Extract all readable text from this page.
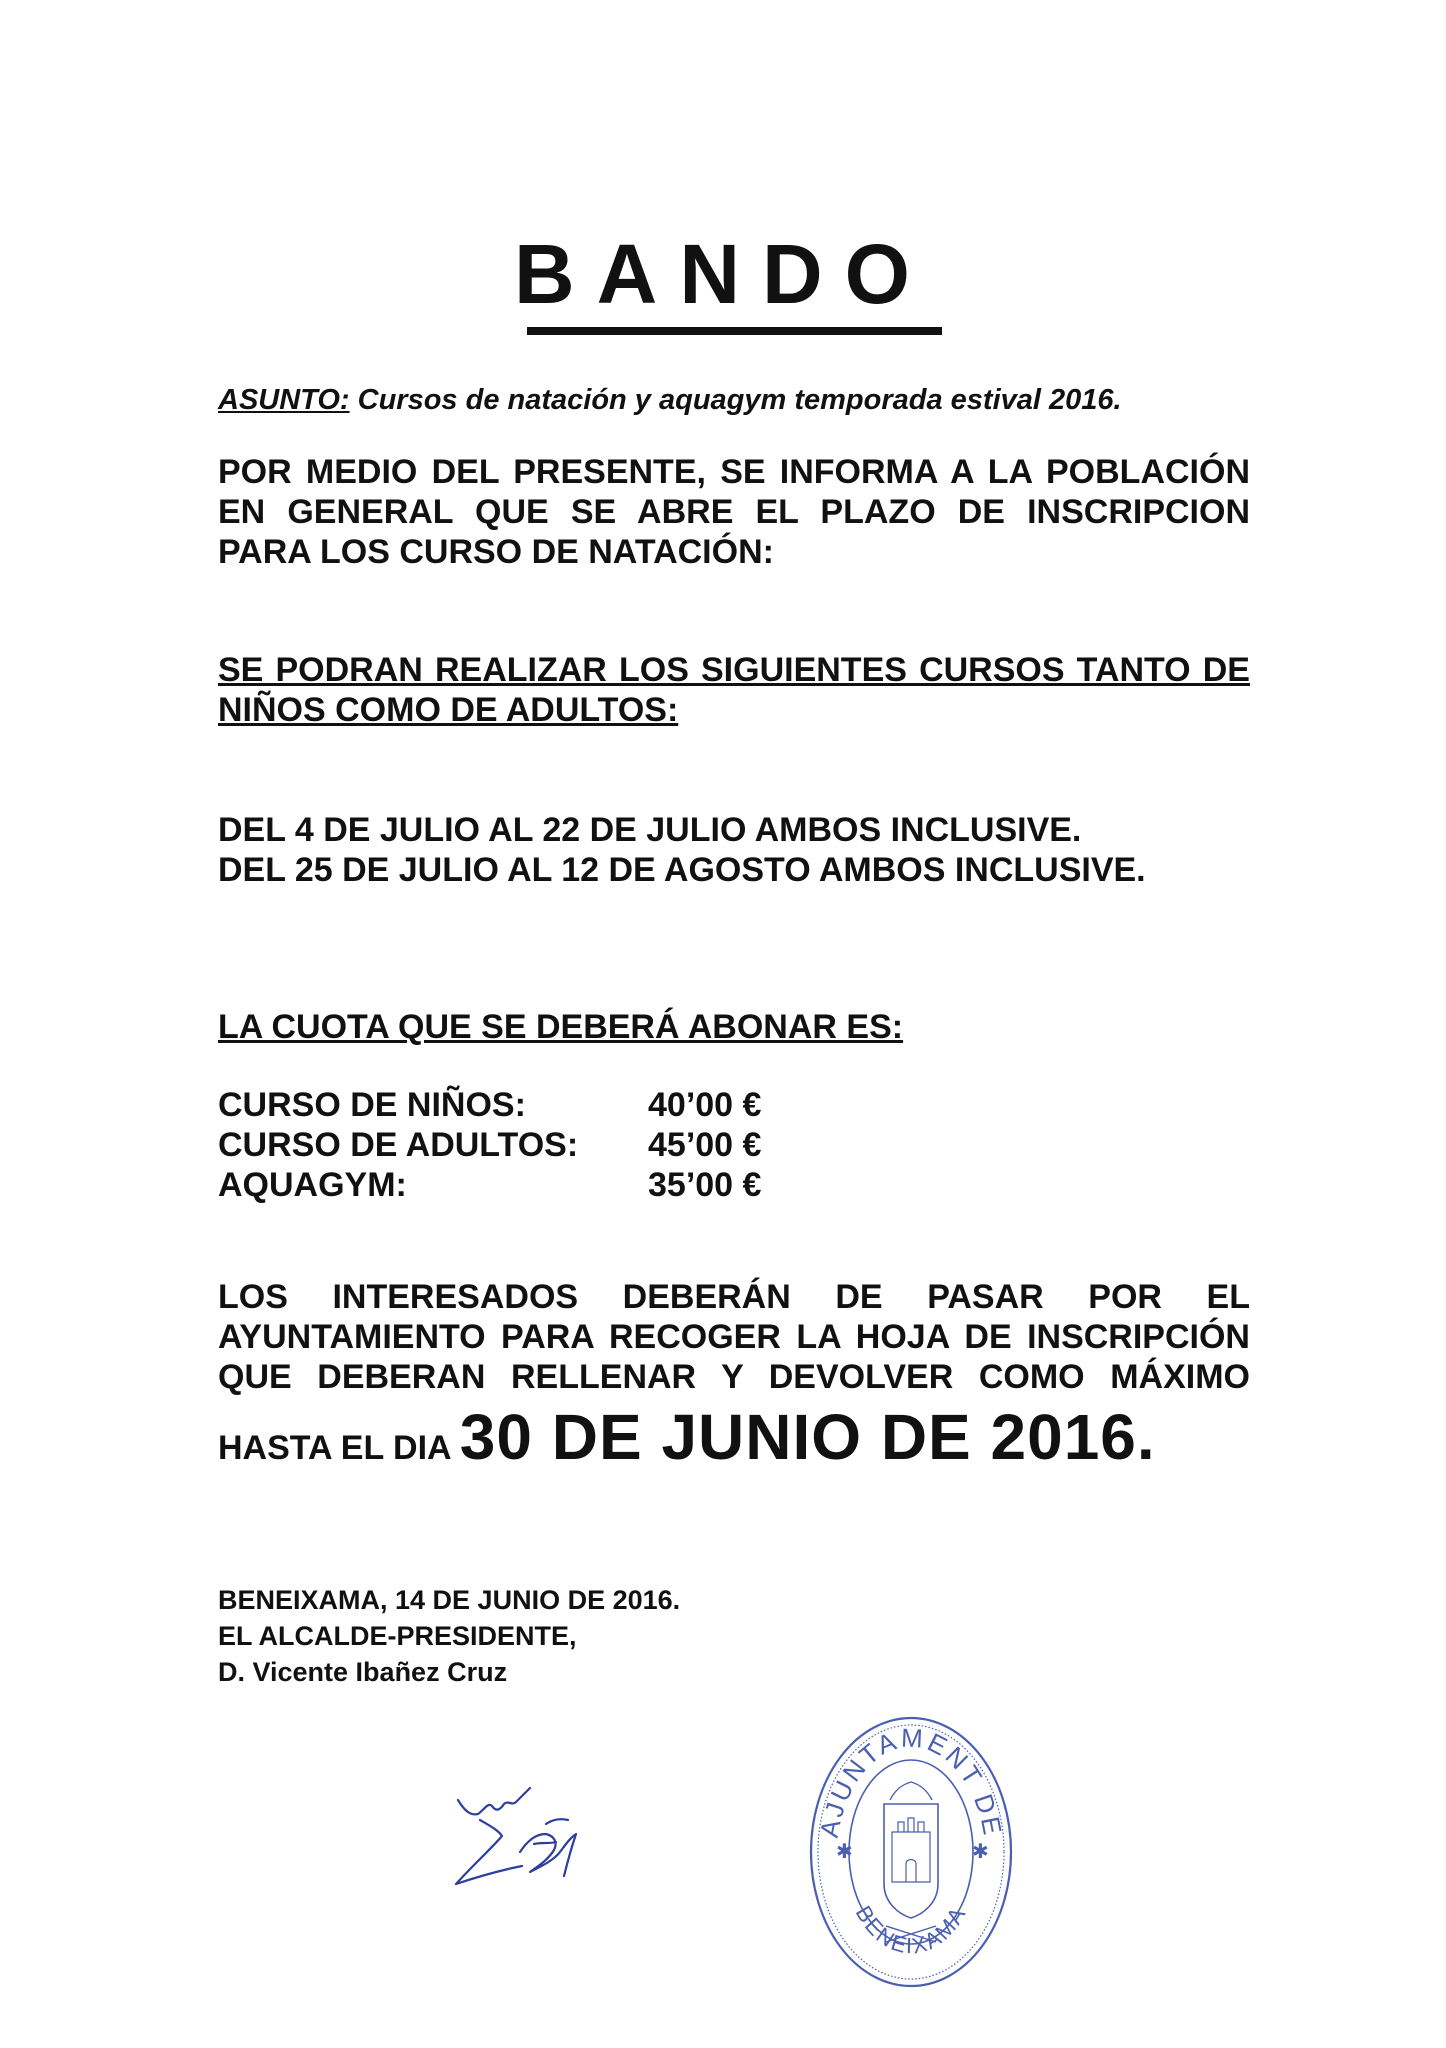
BANDO
ASUNTO: Cursos de natación y aquagym temporada estival 2016.
POR MEDIO DEL PRESENTE, SE INFORMA A LA POBLACIÓN
EN GENERAL QUE SE ABRE EL PLAZO DE INSCRIPCION
PARA LOS CURSO DE NATACIÓN:
SE PODRAN REALIZAR LOS SIGUIENTES CURSOS TANTO DE
NIÑOS COMO DE ADULTOS:
DEL 4 DE JULIO AL 22 DE JULIO AMBOS INCLUSIVE.
DEL 25 DE JULIO AL 12 DE AGOSTO AMBOS INCLUSIVE.
LA CUOTA QUE SE DEBERÁ ABONAR ES:
CURSO DE NIÑOS:	40’00 €
CURSO DE ADULTOS:	45’00 €
AQUAGYM:	35’00 €
LOS INTERESADOS DEBERÁN DE PASAR POR EL
AYUNTAMIENTO PARA RECOGER LA HOJA DE INSCRIPCIÓN
QUE DEBERAN RELLENAR Y DEVOLVER COMO MÁXIMO
HASTA EL DIA 30 DE JUNIO DE 2016.
BENEIXAMA, 14 DE JUNIO DE 2016.
EL ALCALDE-PRESIDENTE,
D. Vicente Ibañez Cruz
✱	✱
AJUNTAMENT DE
BENEIXAMA
